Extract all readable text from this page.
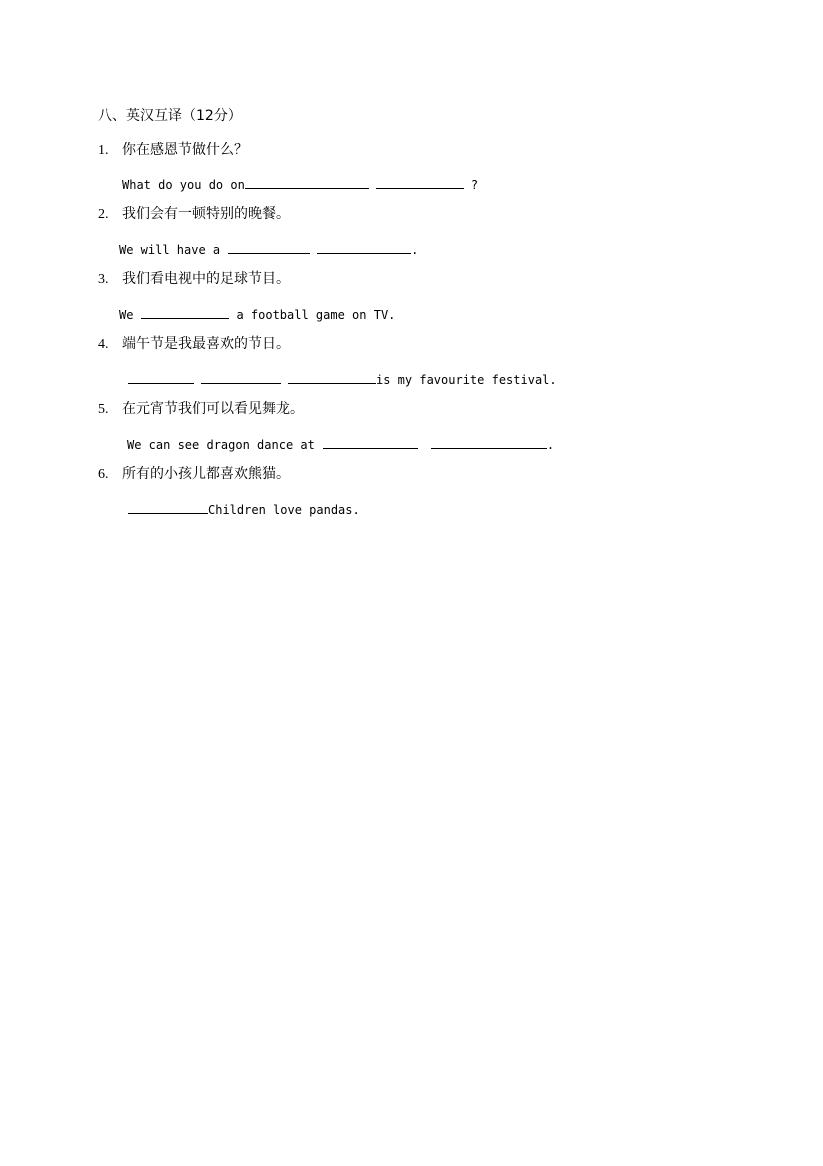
八、英汉互译（12分）
1. 你在感恩节做什么？
What do you do on	?
2. 我们会有一顿特别的晚餐。
We will have a	.
3. 我们看电视中的足球节目。
We	a football game on TV.
4. 端午节是我最喜欢的节日。
is my favourite festival.
5. 在元宵节我们可以看见舞龙。
We can see dragon dance at	.
6. 所有的小孩儿都喜欢熊猫。
Children love pandas.
